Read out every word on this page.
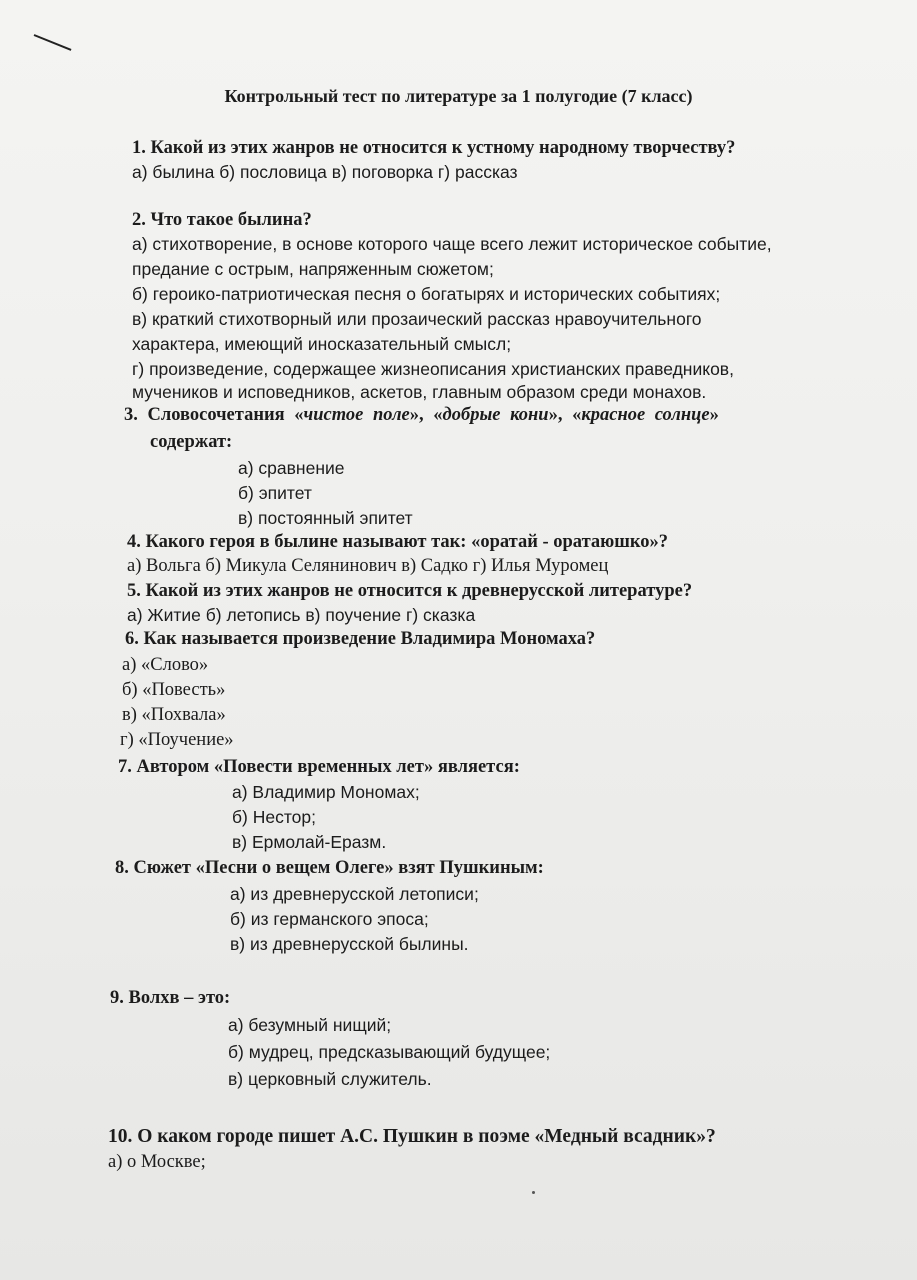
Контрольный тест по литературе за 1 полугодие (7 класс)
1. Какой из этих жанров не относится к устному народному творчеству?
а) былина б) пословица в) поговорка г) рассказ
2. Что такое былина?
а) стихотворение, в основе которого чаще всего лежит историческое событие,
предание с острым, напряженным сюжетом;
б) героико-патриотическая песня о богатырях и исторических событиях;
в) краткий стихотворный или прозаический рассказ нравоучительного
характера, имеющий иносказательный смысл;
г) произведение, содержащее жизнеописания христианских праведников,
мучеников и исповедников, аскетов, главным образом среди монахов.
3. Словосочетания «чистое поле», «добрые кони», «красное солнце»
содержат:
а) сравнение
б) эпитет
в) постоянный эпитет
4. Какого героя в былине называют так: «оратай - оратаюшко»?
а) Вольга б) Микула Селянинович в) Садко г) Илья Муромец
5. Какой из этих жанров не относится к древнерусской литературе?
а) Житие б) летопись в) поучение г) сказка
6. Как называется произведение Владимира Мономаха?
а) «Слово»
б) «Повесть»
в) «Похвала»
г) «Поучение»
7. Автором «Повести временных лет» является:
а) Владимир Мономах;
б) Нестор;
в) Ермолай-Еразм.
8. Сюжет «Песни о вещем Олеге» взят Пушкиным:
а) из древнерусской летописи;
б) из германского эпоса;
в) из древнерусской былины.
9. Волхв – это:
а) безумный нищий;
б) мудрец, предсказывающий будущее;
в) церковный служитель.
10. О каком городе пишет А.С. Пушкин в поэме «Медный всадник»?
а) о Москве;
